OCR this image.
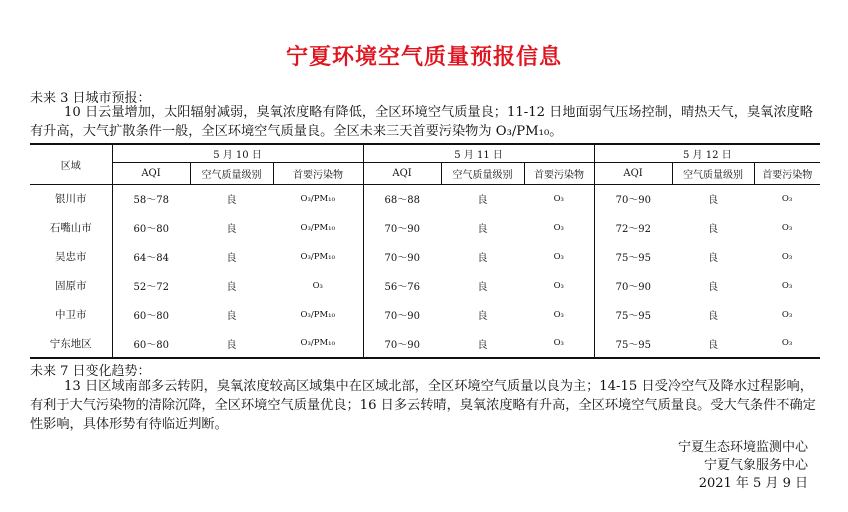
宁夏环境空气质量预报信息
未来 3 日城市预报：
10 日云量增加，太阳辐射减弱，臭氧浓度略有降低，全区环境空气质量良；11-12 日地面弱气压场控制，晴热天气，臭氧浓度略有升高，大气扩散条件一般，全区环境空气质量良。全区未来三天首要污染物为 O₃/PM₁₀。
区域	5 月 10 日			5 月 11 日			5 月 12 日		
	AQI	空气质量级别	首要污染物	AQI	空气质量级别	首要污染物	AQI	空气质量级别	首要污染物
银川市	58～78	良	O₃/PM₁₀	68～88	良	O₃	70～90	良	O₃
石嘴山市	60～80	良	O₃/PM₁₀	70～90	良	O₃	72～92	良	O₃
吴忠市	64～84	良	O₃/PM₁₀	70～90	良	O₃	75～95	良	O₃
固原市	52～72	良	O₃	56～76	良	O₃	70～90	良	O₃
中卫市	60～80	良	O₃/PM₁₀	70～90	良	O₃	75～95	良	O₃
宁东地区	60～80	良	O₃/PM₁₀	70～90	良	O₃	75～95	良	O₃
未来 7 日变化趋势：
13 日区域南部多云转阴，臭氧浓度较高区域集中在区域北部，全区环境空气质量以良为主；14-15 日受冷空气及降水过程影响，有利于大气污染物的清除沉降，全区环境空气质量优良；16 日多云转晴，臭氧浓度略有升高，全区环境空气质量良。受大气条件不确定性影响，具体形势有待临近判断。
宁夏生态环境监测中心
宁夏气象服务中心
2021 年 5 月 9 日
